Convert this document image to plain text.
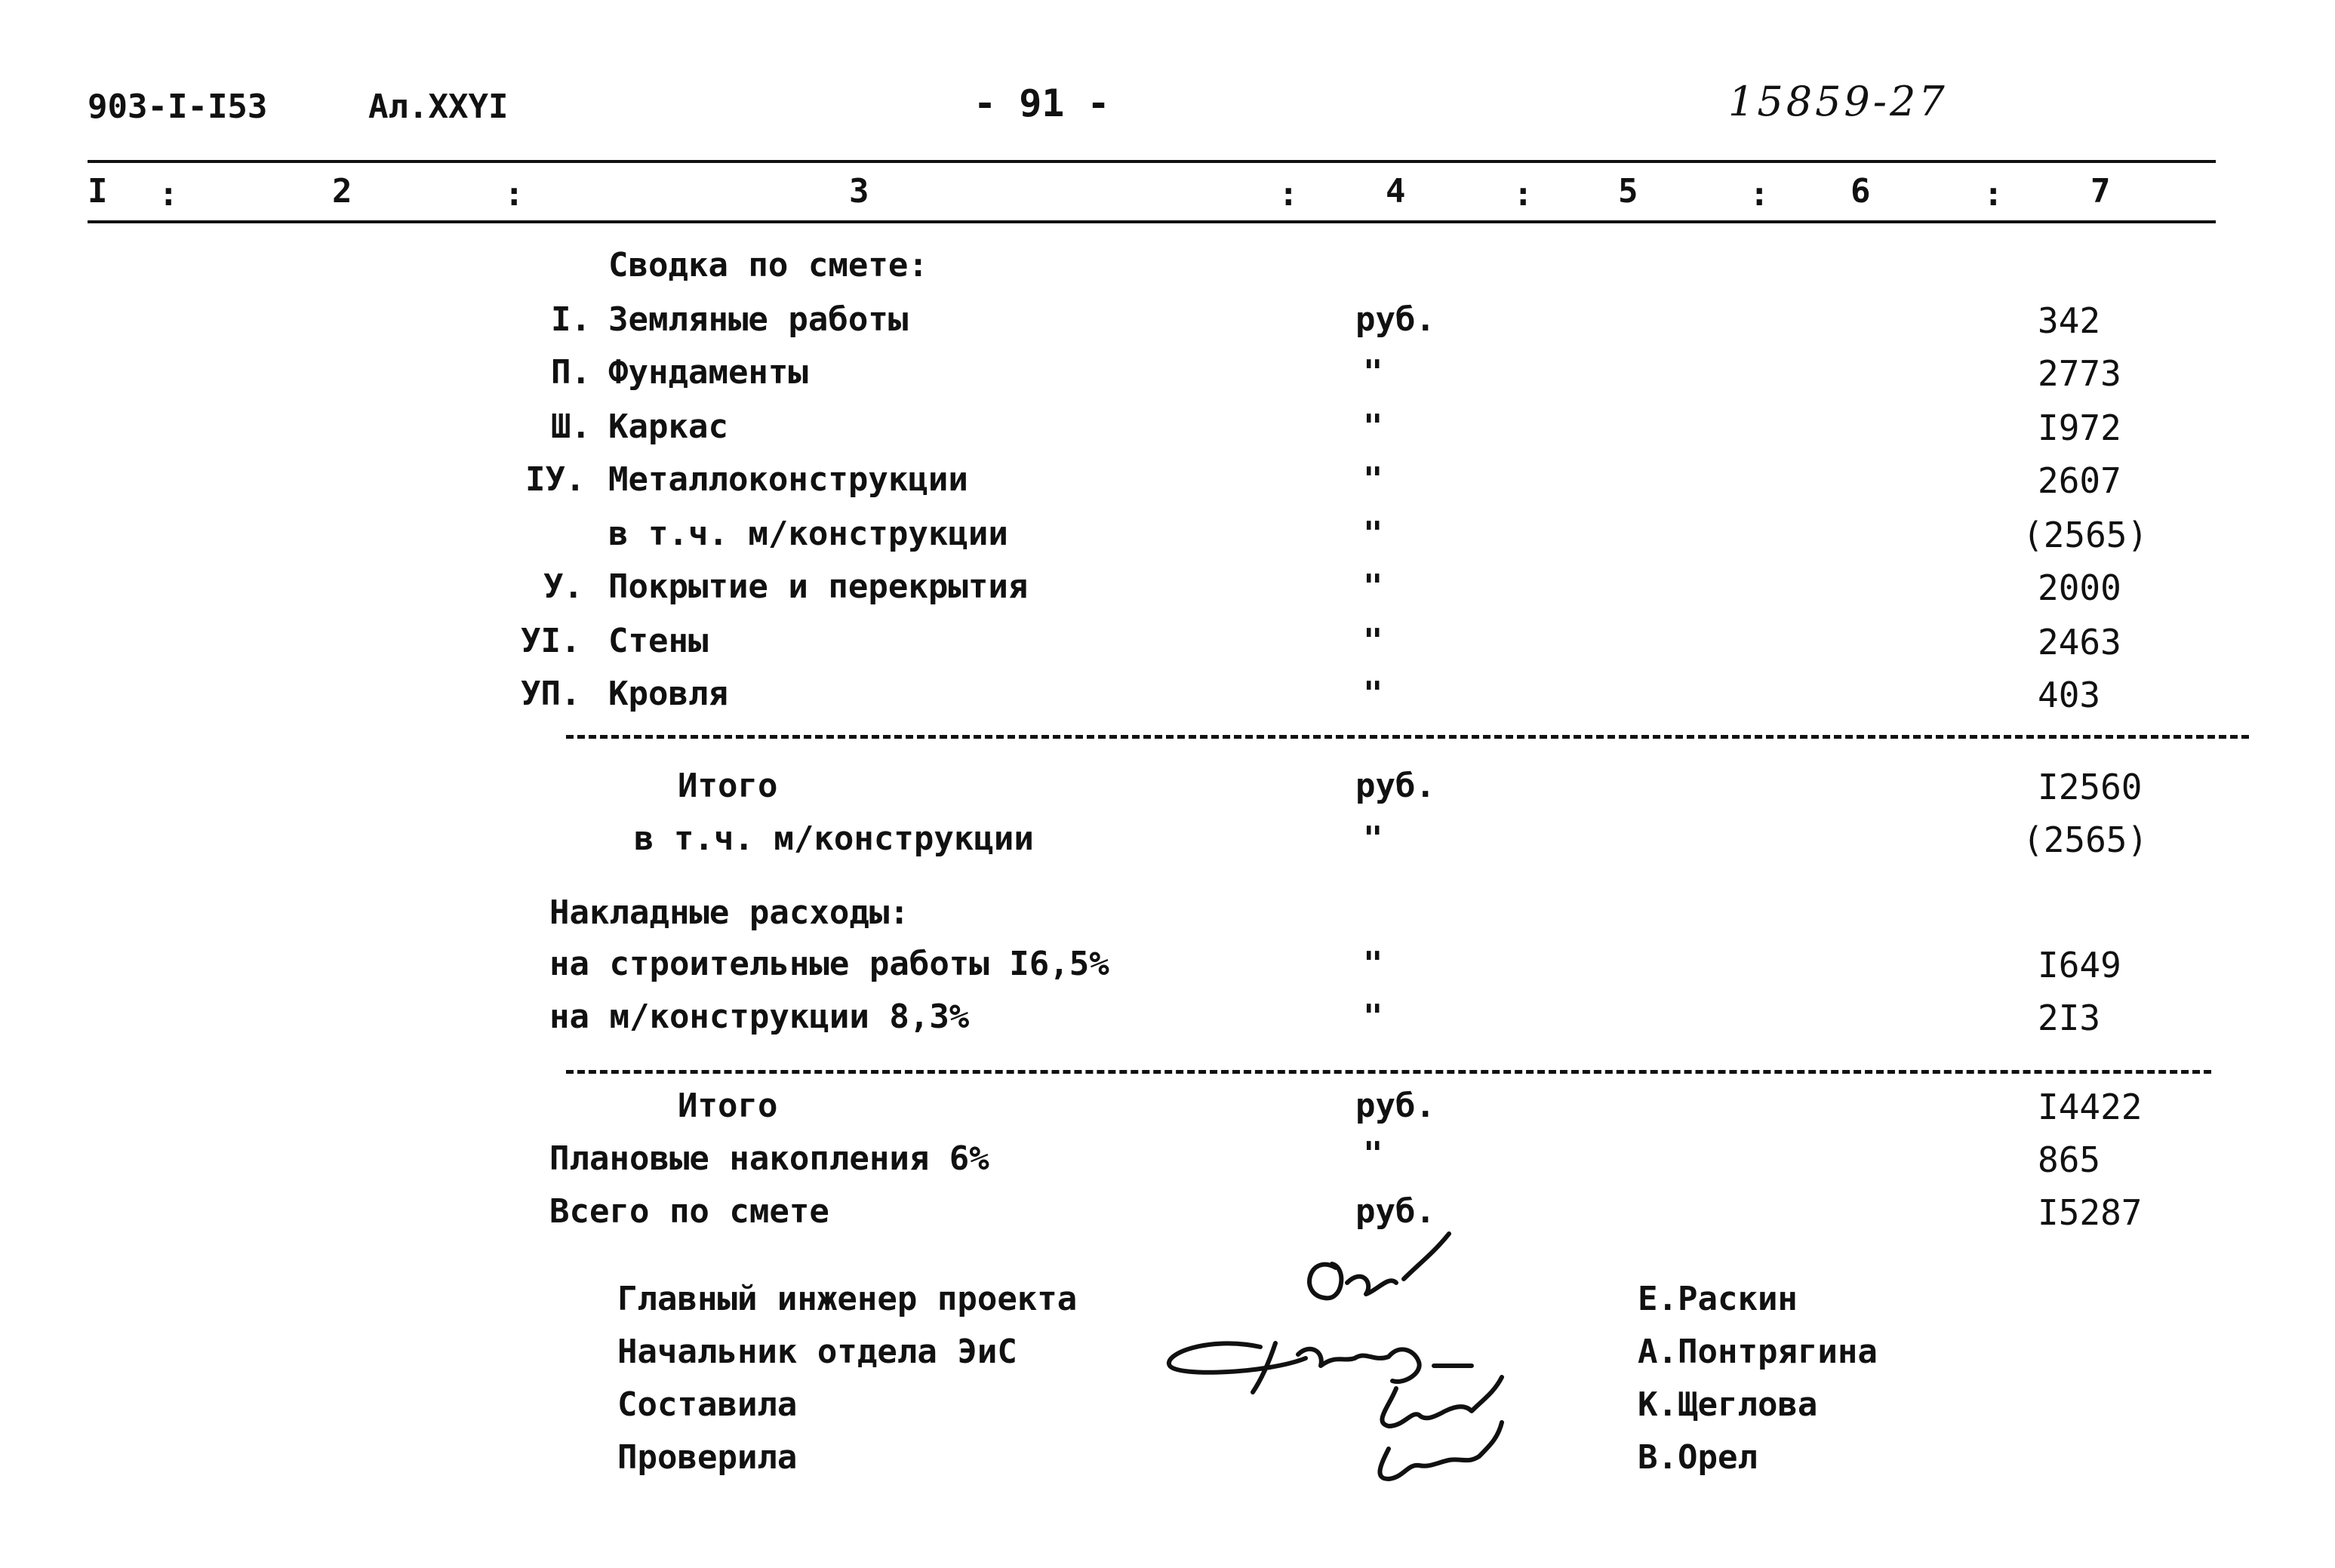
903-I-I53	Ал.XXYI	- 91 -	15859-27
I :	2	:	3	:	4	:	5	: 6	:	7
Сводка по смете:
I. Земляные работы	руб.	342
П. Фундаменты	"	2773
Ш. Каркас	"	I972
IУ. Металлоконструкции	"	2607
в т.ч. м/конструкции	"	(2565)
У. Покрытие и перекрытия	"	2000
УI. Стены	"	2463
УП. Кровля	"	403
Итого	руб.	I2560
в т.ч. м/конструкции	"	(2565)
Накладные расходы:
на строительные работы I6,5%	"	I649
на м/конструкции 8,3%	"	2I3
Итого	руб.	I4422
Плановые накопления 6%	"	865
Всего по смете	руб.	I5287
Главный инженер проекта	Е.Раскин
Начальник отдела ЭиС	А.Понтрягина
Составила	К.Щеглова
Проверила	В.Орел
